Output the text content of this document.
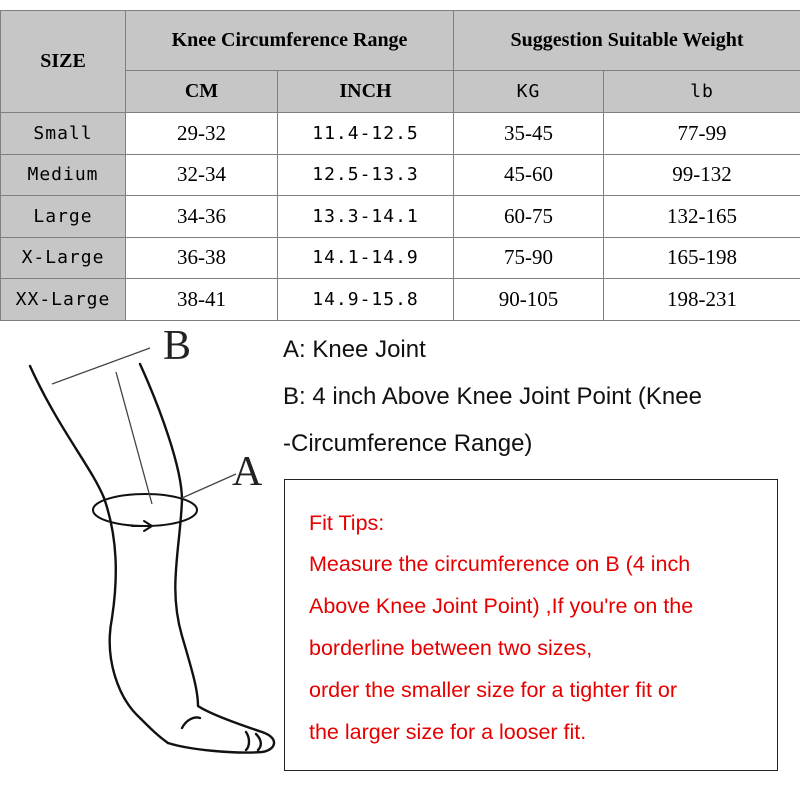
SIZE	Knee Circumference Range		Suggestion Suitable Weight	
	CM	INCH	KG	lb
Small	29-32	11.4-12.5	35-45	77-99
Medium	32-34	12.5-13.3	45-60	99-132
Large	34-36	13.3-14.1	60-75	132-165
X-Large	36-38	14.1-14.9	75-90	165-198
XX-Large	38-41	14.9-15.8	90-105	198-231
B
A
A: Knee Joint
B: 4 inch Above Knee Joint Point (Knee
-Circumference Range)
Fit Tips:
Measure the circumference on B (4 inch
Above Knee Joint Point) ,If you're on the
borderline between two sizes,
order the smaller size for a tighter fit or
the larger size for a looser fit.
